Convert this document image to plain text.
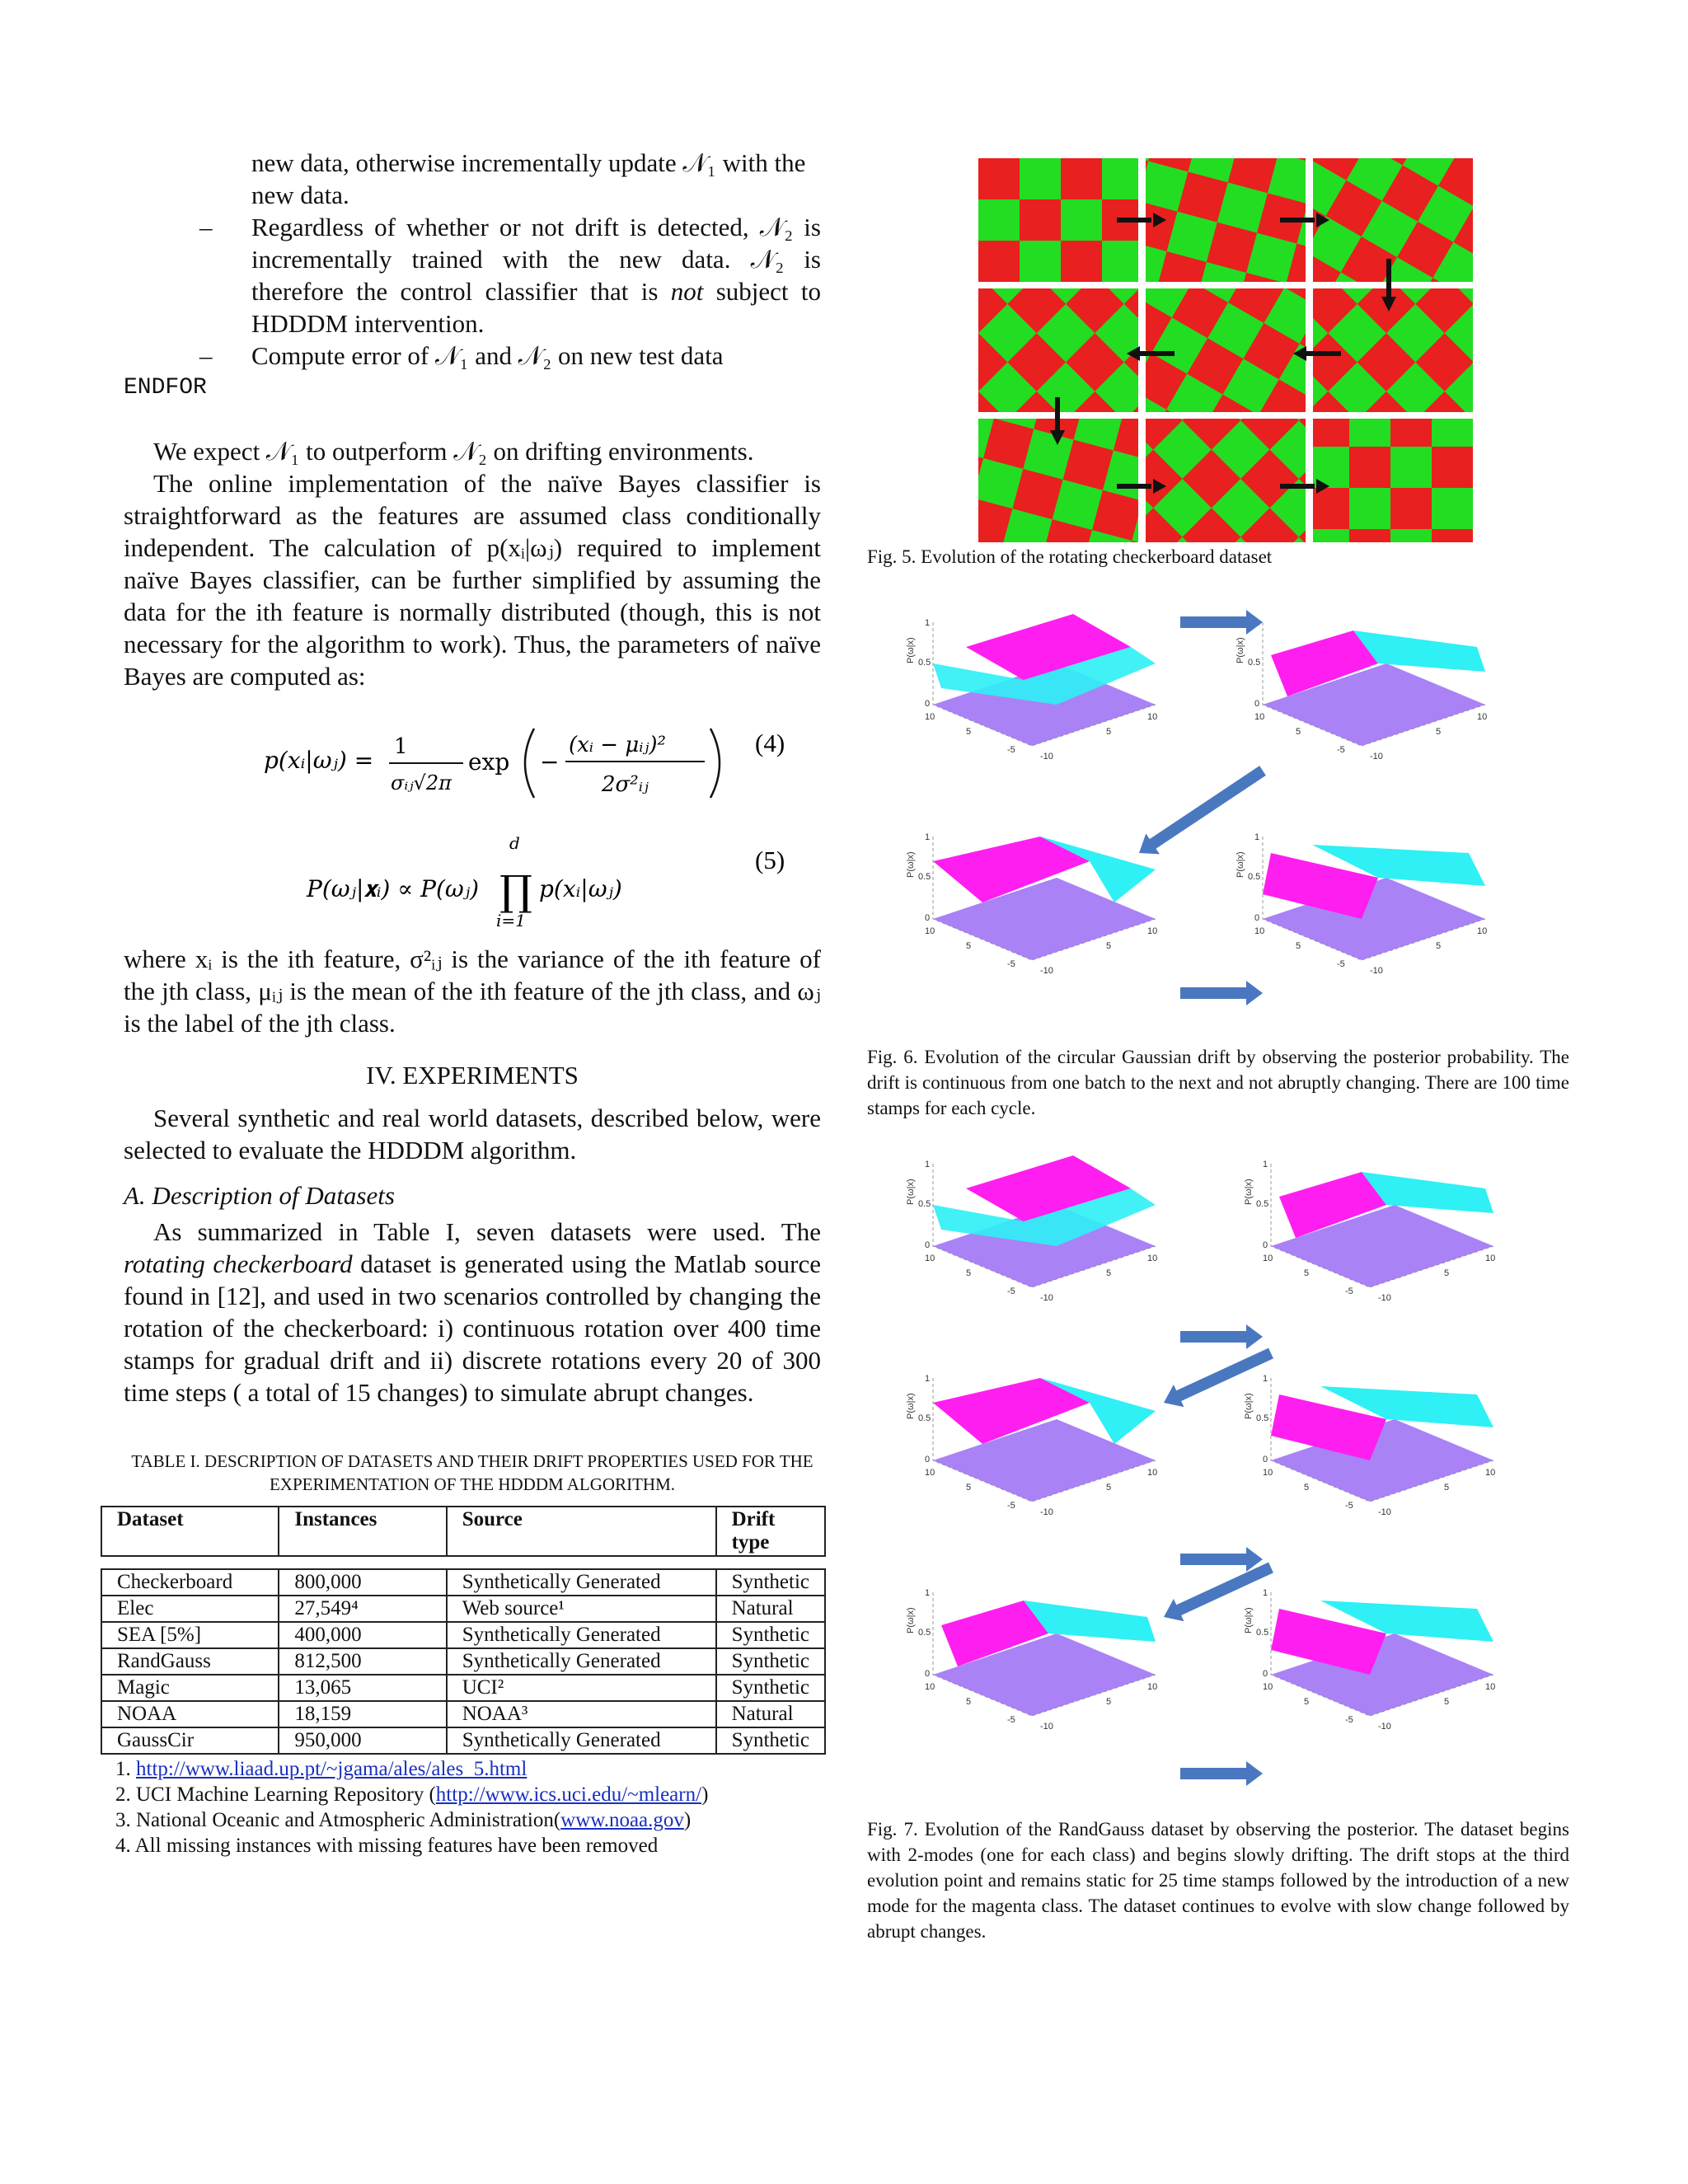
new data, otherwise incrementally update 𝒩₁ with the new data.

– Regardless of whether or not drift is detected, 𝒩₂ is incrementally trained with the new data. 𝒩₂ is therefore the control classifier that is not subject to HDDDM intervention.
– Compute error of 𝒩₁ and 𝒩₂ on new test data

ENDFOR

We expect 𝒩₁ to outperform 𝒩₂ on drifting environments.

The online implementation of the naïve Bayes classifier is straightforward as the features are assumed class conditionally independent. The calculation of p(xᵢ|ωⱼ) required to implement naïve Bayes classifier, can be further simplified by assuming the data for the ith feature is normally distributed (though, this is not necessary for the algorithm to work). Thus, the parameters of naïve Bayes are computed as:

p(xᵢ|ωⱼ) = 1
σᵢⱼ√2π
exp −
(xᵢ − μᵢⱼ)²
2σ²ᵢⱼ
(4)
P(ωⱼ|𝐱ᵢ) ∝ P(ωⱼ)
d
∏
i=1
p(xᵢ|ωⱼ)
(5)

where xᵢ is the ith feature, σ²ᵢⱼ is the variance of the ith feature of the jth class, μᵢⱼ is the mean of the ith feature of the jth class, and ωⱼ is the label of the jth class.

IV. EXPERIMENTS

Several synthetic and real world datasets, described below, were selected to evaluate the HDDDM algorithm.

A. Description of Datasets

As summarized in Table I, seven datasets were used. The rotating checkerboard dataset is generated using the Matlab source found in [12], and used in two scenarios controlled by changing the rotation of the checkerboard: i) continuous rotation over 400 time stamps for gradual drift and ii) discrete rotations every 20 of 300 time steps ( a total of 15 changes) to simulate abrupt changes.

TABLE I. DESCRIPTION OF DATASETS AND THEIR DRIFT PROPERTIES USED FOR THE EXPERIMENTATION OF THE HDDDM ALGORITHM.

Dataset	Instances	Source	Drift type

Checkerboard	800,000	Synthetically Generated	Synthetic
Elec	27,549⁴	Web source¹	Natural
SEA [5%]	400,000	Synthetically Generated	Synthetic
RandGauss	812,500	Synthetically Generated	Synthetic
Magic	13,065	UCI²	Synthetic
NOAA	18,159	NOAA³	Natural
GaussCir	950,000	Synthetically Generated	Synthetic
1. http://www.liaad.up.pt/~jgama/ales/ales_5.html
2. UCI Machine Learning Repository (http://www.ics.uci.edu/~mlearn/)
3. National Oceanic and Atmospheric Administration(www.noaa.gov)
4. All missing instances with missing features have been removed

Fig. 5. Evolution of the rotating checkerboard dataset

P(ω|x)
1
0.5
0
10
5
-5
-10
10
5
P(ω|x) 0.5
0
10
5
-5
-10
10
5
P(ω|x)
1
0.5
0
10
5
-5
-10
10
5
P(ω|x)
1
0.5
0
10
5
-5
-10
10
5

Fig. 6. Evolution of the circular Gaussian drift by observing the posterior probability. The drift is continuous from one batch to the next and not abruptly changing. There are 100 time stamps for each cycle.

P(ω|x)
1
0.5
0
10
5
-5
-10
10
5
P(ω|x)
1
0.5
0
10
5
-5
-10
10
5
P(ω|x)
1
0.5
0
10
5
-5
-10
10
5
P(ω|x)
1
0.5
0
10
5
-5
-10
10
5
P(ω|x)
1
0.5
0
10
5
-5
-10
10
5
P(ω|x)
1
0.5
0
10
5
-5
-10
10
5

Fig. 7. Evolution of the RandGauss dataset by observing the posterior. The dataset begins with 2-modes (one for each class) and begins slowly drifting. The drift stops at the third evolution point and remains static for 25 time stamps followed by the introduction of a new mode for the magenta class. The dataset continues to evolve with slow change followed by abrupt changes.
